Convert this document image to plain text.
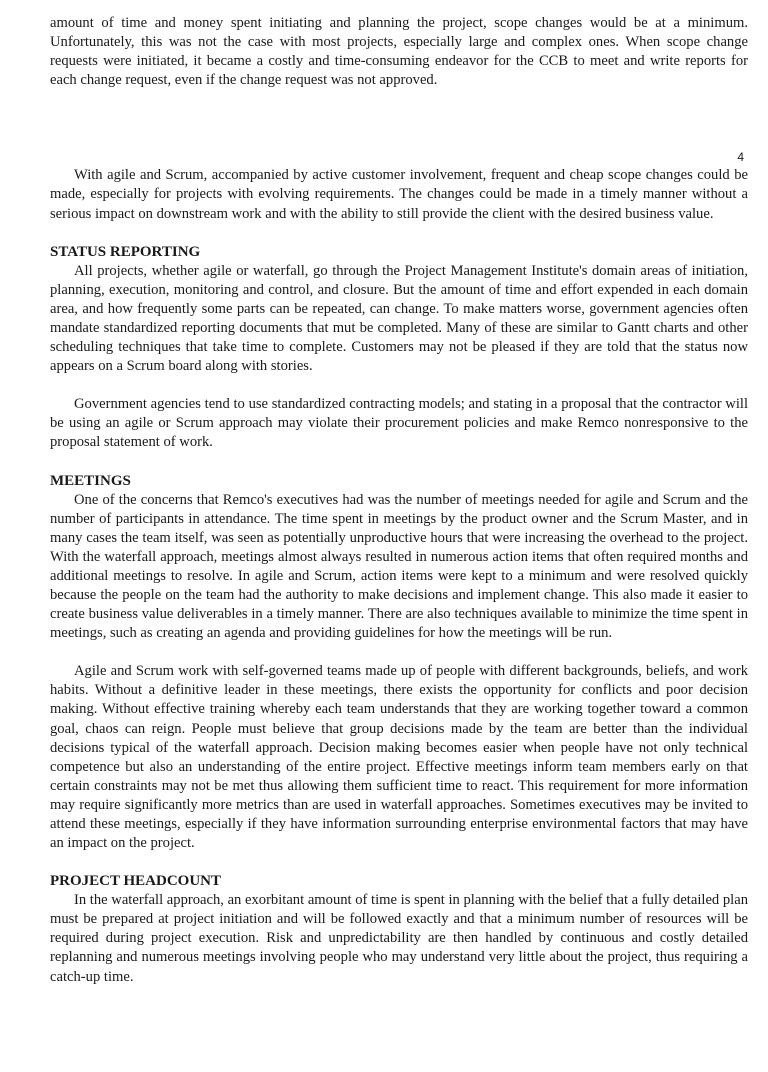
amount of time and money spent initiating and planning the project, scope changes would be at a minimum. Unfortunately, this was not the case with most projects, especially large and complex ones. When scope change requests were initiated, it became a costly and time-consuming endeavor for the CCB to meet and write reports for each change request, even if the change request was not approved.

4

With agile and Scrum, accompanied by active customer involvement, frequent and cheap scope changes could be made, especially for projects with evolving requirements. The changes could be made in a timely manner without a serious impact on downstream work and with the ability to still provide the client with the desired business value.

STATUS REPORTING

All projects, whether agile or waterfall, go through the Project Management Institute's domain areas of initiation, planning, execution, monitoring and control, and closure. But the amount of time and effort expended in each domain area, and how frequently some parts can be repeated, can change. To make matters worse, government agencies often mandate standardized reporting documents that mut be completed. Many of these are similar to Gantt charts and other scheduling techniques that take time to complete. Customers may not be pleased if they are told that the status now appears on a Scrum board along with stories.

Government agencies tend to use standardized contracting models; and stating in a proposal that the contractor will be using an agile or Scrum approach may violate their procurement policies and make Remco nonresponsive to the proposal statement of work.

MEETINGS

One of the concerns that Remco's executives had was the number of meetings needed for agile and Scrum and the number of participants in attendance. The time spent in meetings by the product owner and the Scrum Master, and in many cases the team itself, was seen as potentially unproductive hours that were increasing the overhead to the project. With the waterfall approach, meetings almost always resulted in numerous action items that often required months and additional meetings to resolve. In agile and Scrum, action items were kept to a minimum and were resolved quickly because the people on the team had the authority to make decisions and implement change. This also made it easier to create business value deliverables in a timely manner. There are also techniques available to minimize the time spent in meetings, such as creating an agenda and providing guidelines for how the meetings will be run.

Agile and Scrum work with self-governed teams made up of people with different backgrounds, beliefs, and work habits. Without a definitive leader in these meetings, there exists the opportunity for conflicts and poor decision making. Without effective training whereby each team understands that they are working together toward a common goal, chaos can reign. People must believe that group decisions made by the team are better than the individual decisions typical of the waterfall approach. Decision making becomes easier when people have not only technical competence but also an understanding of the entire project. Effective meetings inform team members early on that certain constraints may not be met thus allowing them sufficient time to react. This requirement for more information may require significantly more metrics than are used in waterfall approaches. Sometimes executives may be invited to attend these meetings, especially if they have information surrounding enterprise environmental factors that may have an impact on the project.

PROJECT HEADCOUNT

In the waterfall approach, an exorbitant amount of time is spent in planning with the belief that a fully detailed plan must be prepared at project initiation and will be followed exactly and that a minimum number of resources will be required during project execution. Risk and unpredictability are then handled by continuous and costly detailed replanning and numerous meetings involving people who may understand very little about the project, thus requiring a catch-up time.
